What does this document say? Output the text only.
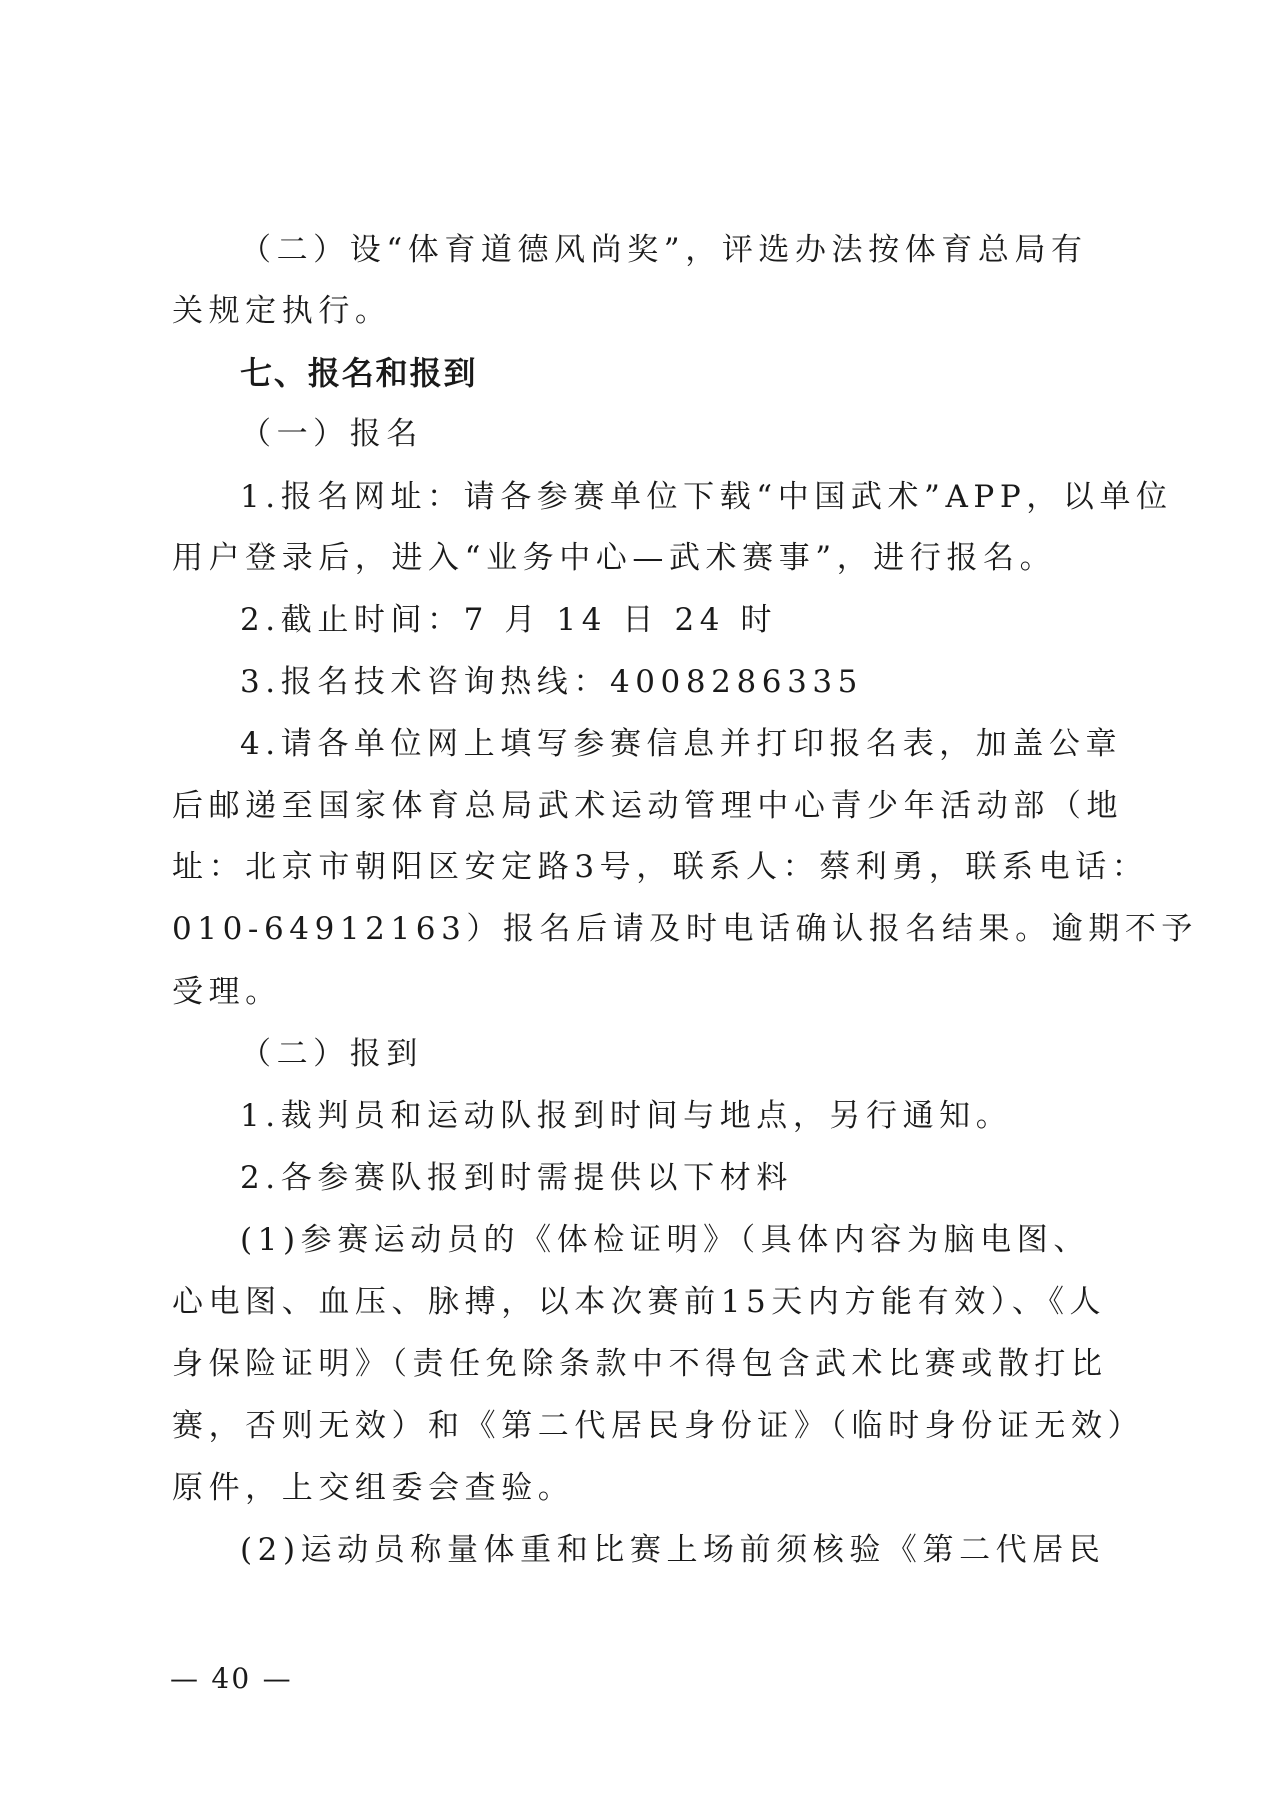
（二）设“体育道德风尚奖”，评选办法按体育总局有
关规定执行。
七、报名和报到
（一）报名
1.报名网址：请各参赛单位下载“中国武术”APP，以单位
用户登录后，进入“业务中心—武术赛事”，进行报名。
2.截止时间：7 月 14 日 24 时
3.报名技术咨询热线：4008286335
4.请各单位网上填写参赛信息并打印报名表，加盖公章
后邮递至国家体育总局武术运动管理中心青少年活动部（地
址：北京市朝阳区安定路3号，联系人：蔡利勇，联系电话：
010-64912163）报名后请及时电话确认报名结果。逾期不予
受理。
（二）报到
1.裁判员和运动队报到时间与地点，另行通知。
2.各参赛队报到时需提供以下材料
(1)参赛运动员的《体检证明》（具体内容为脑电图、
心电图、血压、脉搏，以本次赛前15天内方能有效）、《人
身保险证明》（责任免除条款中不得包含武术比赛或散打比
赛，否则无效）和《第二代居民身份证》（临时身份证无效）
原件，上交组委会查验。
(2)运动员称量体重和比赛上场前须核验《第二代居民
— 40 —
